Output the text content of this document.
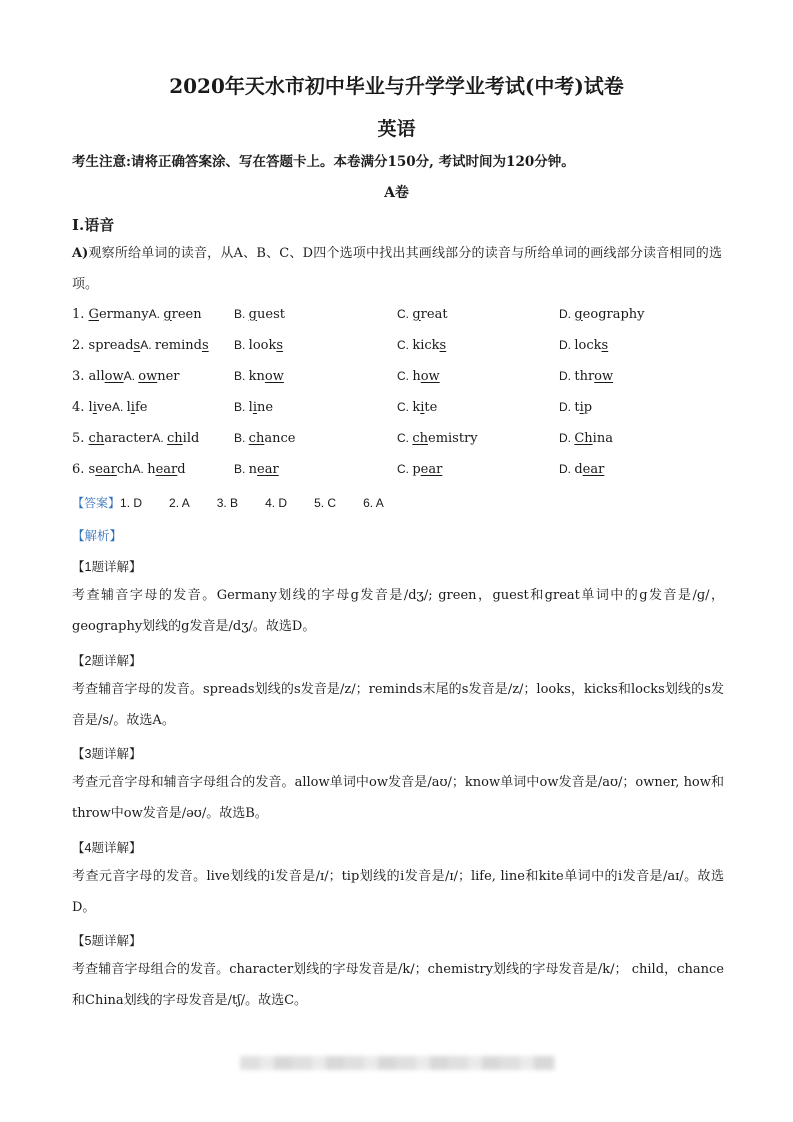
2020年天水市初中毕业与升学学业考试(中考)试卷
英语
考生注意:请将正确答案涂、写在答题卡上。本卷满分150分, 考试时间为120分钟。
A卷
I.语音
A)观察所给单词的读音，从A、B、C、D四个选项中找出其画线部分的读音与所给单词的画线部分读音相同的选项。
1. GermanyA. green	B. guest	C. great	D. geography
2. spreadsA. reminds B. looks	C. kicks	D. locks
3. allowA. owner	B. know	C. how	D. throw
4. liveA. life	B. line	C. kite	D. tip
5. characterA. child	B. chance	C. chemistry	D. China
6. searchA. heard	B. near	C. pear	D. dear
【答案】1. D 2. A 3. B 4. D 5. C 6. A
【解析】
【1题详解】
考查辅音字母的发音。Germany划线的字母g发音是/dʒ/; green，guest和great单词中的g发音是/ɡ/，geography划线的g发音是/dʒ/。故选D。
【2题详解】
考查辅音字母的发音。spreads划线的s发音是/z/；reminds末尾的s发音是/z/；looks，kicks和locks划线的s发音是/s/。故选A。
【3题详解】
考查元音字母和辅音字母组合的发音。allow单词中ow发音是/aʊ/；know单词中ow发音是/aʊ/；owner, how和throw中ow发音是/əʊ/。故选B。
【4题详解】
考查元音字母的发音。live划线的i发音是/ɪ/；tip划线的i发音是/ɪ/；life, line和kite单词中的i发音是/aɪ/。故选D。
【5题详解】
考查辅音字母组合的发音。character划线的字母发音是/k/；chemistry划线的字母发音是/k/； child，chance和China划线的字母发音是/tʃ/。故选C。
